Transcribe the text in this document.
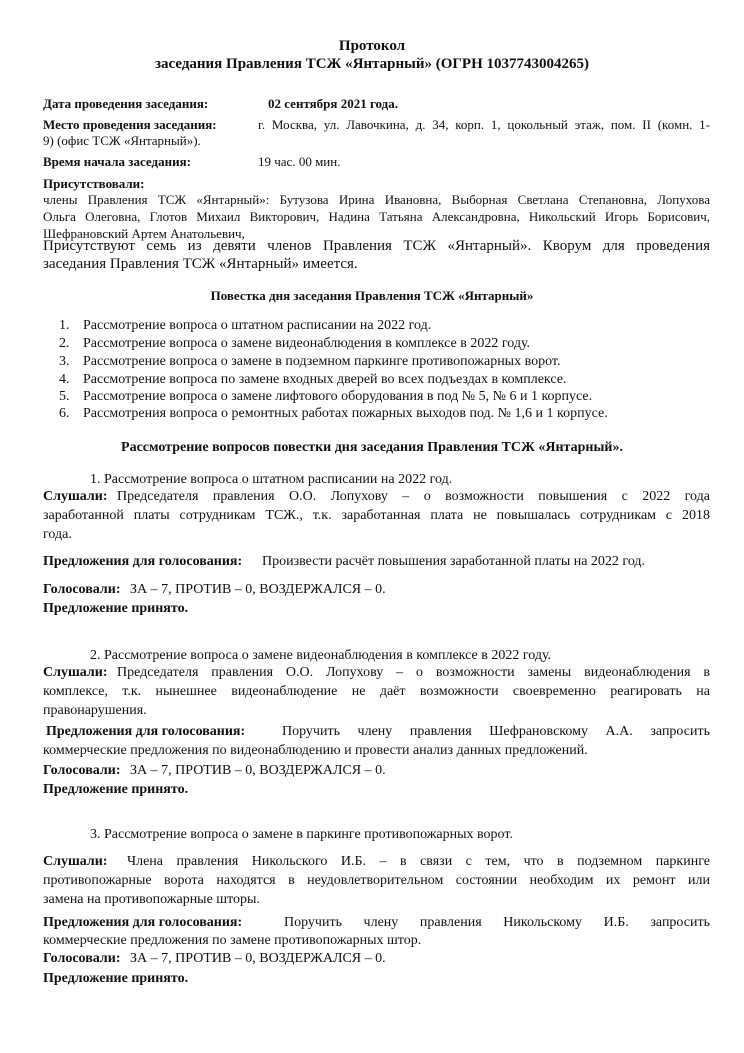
Протокол
заседания Правления ТСЖ «Янтарный» (ОГРН 1037743004265)
Дата проведения заседания:	02 сентября 2021 года.
Место проведения заседания:	г. Москва, ул. Лавочкина, д. 34, корп. 1, цокольный этаж, пом. II (комн. 1-
9) (офис ТСЖ «Янтарный»).
Время начала заседания:	19 час. 00 мин.
Присутствовали:
члены Правления ТСЖ «Янтарный»: Бутузова Ирина Ивановна, Выборная Светлана Степановна, Лопухова
Ольга Олеговна, Глотов Михаил Викторович, Надина Татьяна Александровна, Никольский Игорь Борисович,
Шефрановский Артем Анатольевич,
Присутствуют семь из девяти членов Правления ТСЖ «Янтарный». Кворум для проведения
заседания Правления ТСЖ «Янтарный» имеется.
Повестка дня заседания Правления ТСЖ «Янтарный»
1. Рассмотрение вопроса о штатном расписании на 2022 год.
2. Рассмотрение вопроса о замене видеонаблюдения в комплексе в 2022 году.
3. Рассмотрение вопроса о замене в подземном паркинге противопожарных ворот.
4. Рассмотрение вопроса по замене входных дверей во всех подъездах в комплексе.
5. Рассмотрение вопроса о замене лифтового оборудования в под № 5, № 6 и 1 корпусе.
6. Рассмотрения вопроса о ремонтных работах пожарных выходов под. № 1,6 и 1 корпусе.
Рассмотрение вопросов повестки дня заседания Правления ТСЖ «Янтарный».
1. Рассмотрение вопроса о штатном расписании на 2022 год.
Слушали: Председателя правления О.О. Лопухову – о возможности повышения с 2022 года
заработанной платы сотрудникам ТСЖ., т.к. заработанная плата не повышалась сотрудникам с 2018
года.
Предложения для голосования: Произвести расчёт повышения заработанной платы на 2022 год.
Голосовали: ЗА – 7, ПРОТИВ – 0, ВОЗДЕРЖАЛСЯ – 0.
Предложение принято.
2. Рассмотрение вопроса о замене видеонаблюдения в комплексе в 2022 году.
Слушали: Председателя правления О.О. Лопухову – о возможности замены видеонаблюдения в
комплексе, т.к. нынешнее видеонаблюдение не даёт возможности своевременно реагировать на
правонарушения.
Предложения для голосования:	Поручить члену правления Шефрановскому А.А. запросить
коммерческие предложения по видеонаблюдению и провести анализ данных предложений.
Голосовали: ЗА – 7, ПРОТИВ – 0, ВОЗДЕРЖАЛСЯ – 0.
Предложение принято.
3. Рассмотрение вопроса о замене в паркинге противопожарных ворот.
Слушали: Члена правления Никольского И.Б. – в связи с тем, что в подземном паркинге
противопожарные ворота находятся в неудовлетворительном состоянии необходим их ремонт или
замена на противопожарные шторы.
Предложения для голосования:	Поручить члену правления Никольскому И.Б. запросить
коммерческие предложения по замене противопожарных штор.
Голосовали: ЗА – 7, ПРОТИВ – 0, ВОЗДЕРЖАЛСЯ – 0.
Предложение принято.
